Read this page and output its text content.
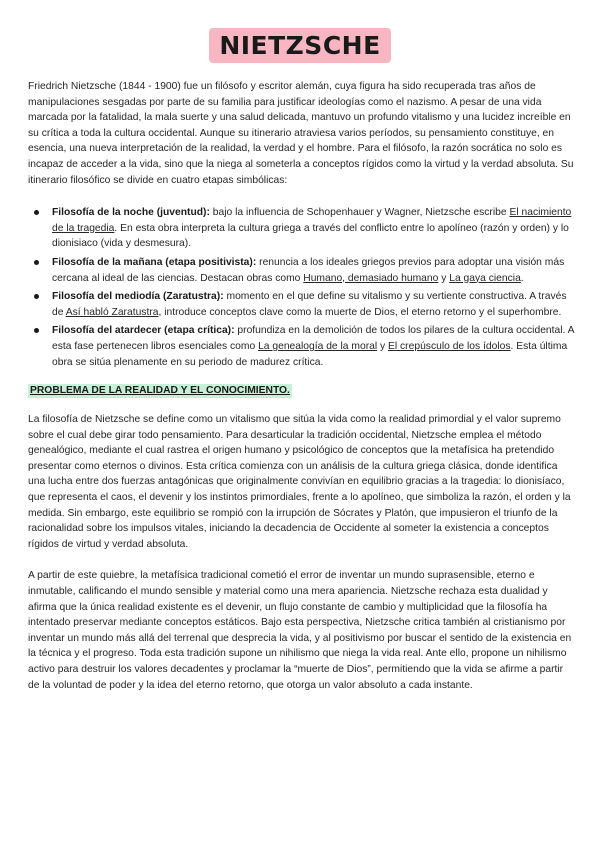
NIETZSCHE

Friedrich Nietzsche (1844 - 1900) fue un filósofo y escritor alemán, cuya figura ha sido recuperada tras años de manipulaciones sesgadas por parte de su familia para justificar ideologías como el nazismo. A pesar de una vida marcada por la fatalidad, la mala suerte y una salud delicada, mantuvo un profundo vitalismo y una lucidez increíble en su crítica a toda la cultura occidental. Aunque su itinerario atraviesa varios períodos, su pensamiento constituye, en esencia, una nueva interpretación de la realidad, la verdad y el hombre. Para el filósofo, la razón socrática no solo es incapaz de acceder a la vida, sino que la niega al someterla a conceptos rígidos como la virtud y la verdad absoluta. Su itinerario filosófico se divide en cuatro etapas simbólicas:

Filosofía de la noche (juventud): bajo la influencia de Schopenhauer y Wagner, Nietzsche escribe El nacimiento de la tragedia. En esta obra interpreta la cultura griega a través del conflicto entre lo apolíneo (razón y orden) y lo dionisiaco (vida y desmesura).
Filosofía de la mañana (etapa positivista): renuncia a los ideales griegos previos para adoptar una visión más cercana al ideal de las ciencias. Destacan obras como Humano, demasiado humano y La gaya ciencia.
Filosofía del mediodía (Zaratustra): momento en el que define su vitalismo y su vertiente constructiva. A través de Así habló Zaratustra, introduce conceptos clave como la muerte de Dios, el eterno retorno y el superhombre.
Filosofía del atardecer (etapa crítica): profundiza en la demolición de todos los pilares de la cultura occidental. A esta fase pertenecen libros esenciales como La genealogía de la moral y El crepúsculo de los ídolos. Esta última obra se sitúa plenamente en su periodo de madurez crítica.
PROBLEMA DE LA REALIDAD Y EL CONOCIMIENTO.

La filosofía de Nietzsche se define como un vitalismo que sitúa la vida como la realidad primordial y el valor supremo sobre el cual debe girar todo pensamiento. Para desarticular la tradición occidental, Nietzsche emplea el método genealógico, mediante el cual rastrea el origen humano y psicológico de conceptos que la metafísica ha pretendido presentar como eternos o divinos. Esta crítica comienza con un análisis de la cultura griega clásica, donde identifica una lucha entre dos fuerzas antagónicas que originalmente convivían en equilibrio gracias a la tragedia: lo dionisíaco, que representa el caos, el devenir y los instintos primordiales, frente a lo apolíneo, que simboliza la razón, el orden y la medida. Sin embargo, este equilibrio se rompió con la irrupción de Sócrates y Platón, que impusieron el triunfo de la racionalidad sobre los impulsos vitales, iniciando la decadencia de Occidente al someter la existencia a conceptos rígidos de virtud y verdad absoluta.

A partir de este quiebre, la metafísica tradicional cometió el error de inventar un mundo suprasensible, eterno e inmutable, calificando el mundo sensible y material como una mera apariencia. Nietzsche rechaza esta dualidad y afirma que la única realidad existente es el devenir, un flujo constante de cambio y multiplicidad que la filosofía ha intentado preservar mediante conceptos estáticos. Bajo esta perspectiva, Nietzsche critica también al cristianismo por inventar un mundo más allá del terrenal que desprecia la vida, y al positivismo por buscar el sentido de la existencia en la técnica y el progreso. Toda esta tradición supone un nihilismo que niega la vida real. Ante ello, propone un nihilismo activo para destruir los valores decadentes y proclamar la “muerte de Dios”, permitiendo que la vida se afirme a partir de la voluntad de poder y la idea del eterno retorno, que otorga un valor absoluto a cada instante.
